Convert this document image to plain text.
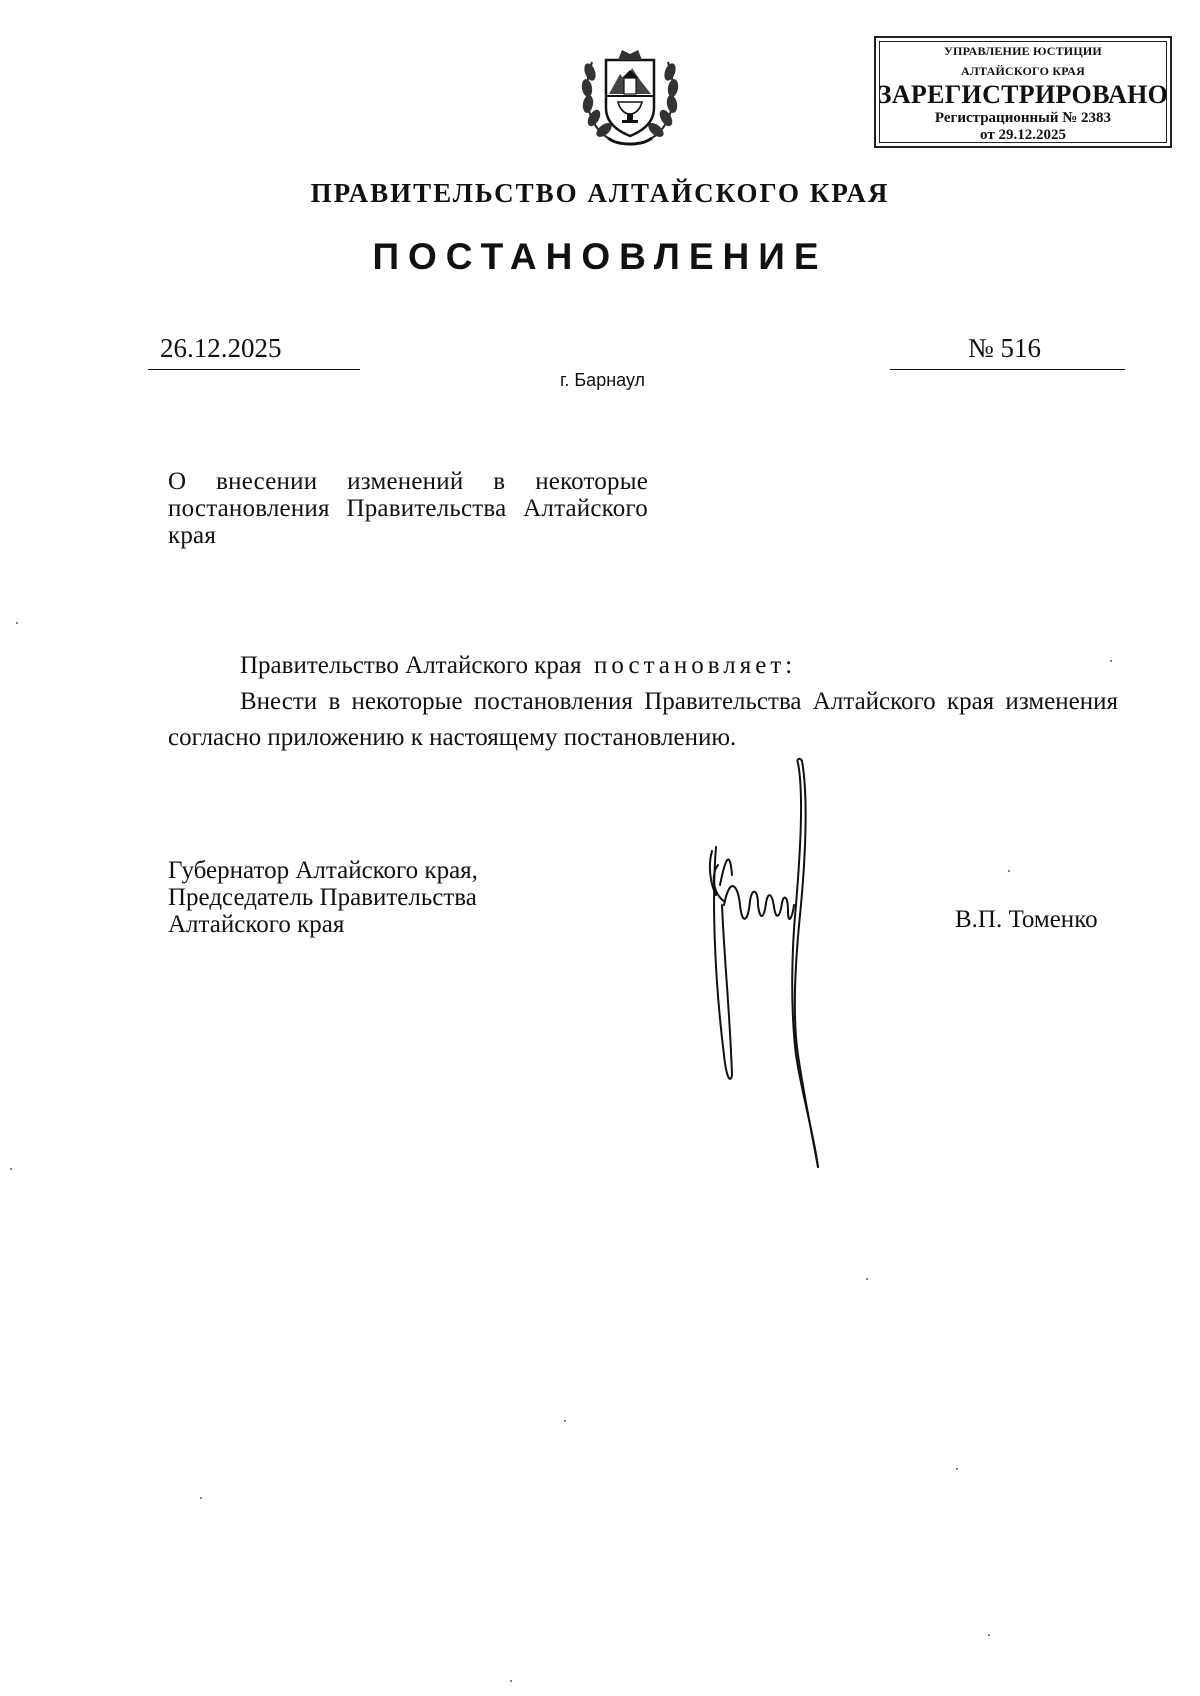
УПРАВЛЕНИЕ ЮСТИЦИИ
АЛТАЙСКОГО КРАЯ
ЗАРЕГИСТРИРОВАНО
Регистрационный № 2383
от 29.12.2025
ПРАВИТЕЛЬСТВО АЛТАЙСКОГО КРАЯ
ПОСТАНОВЛЕНИЕ
26.12.2025	№ 516
г. Барнаул
О внесении изменений в некоторые постановления Правительства Алтайского края

Правительство Алтайского края постановляет:

Внести в некоторые постановления Правительства Алтайского края изменения согласно приложению к настоящему постановлению.

Губернатор Алтайского края,
Председатель Правительства
Алтайского края	В.П. Томенко
